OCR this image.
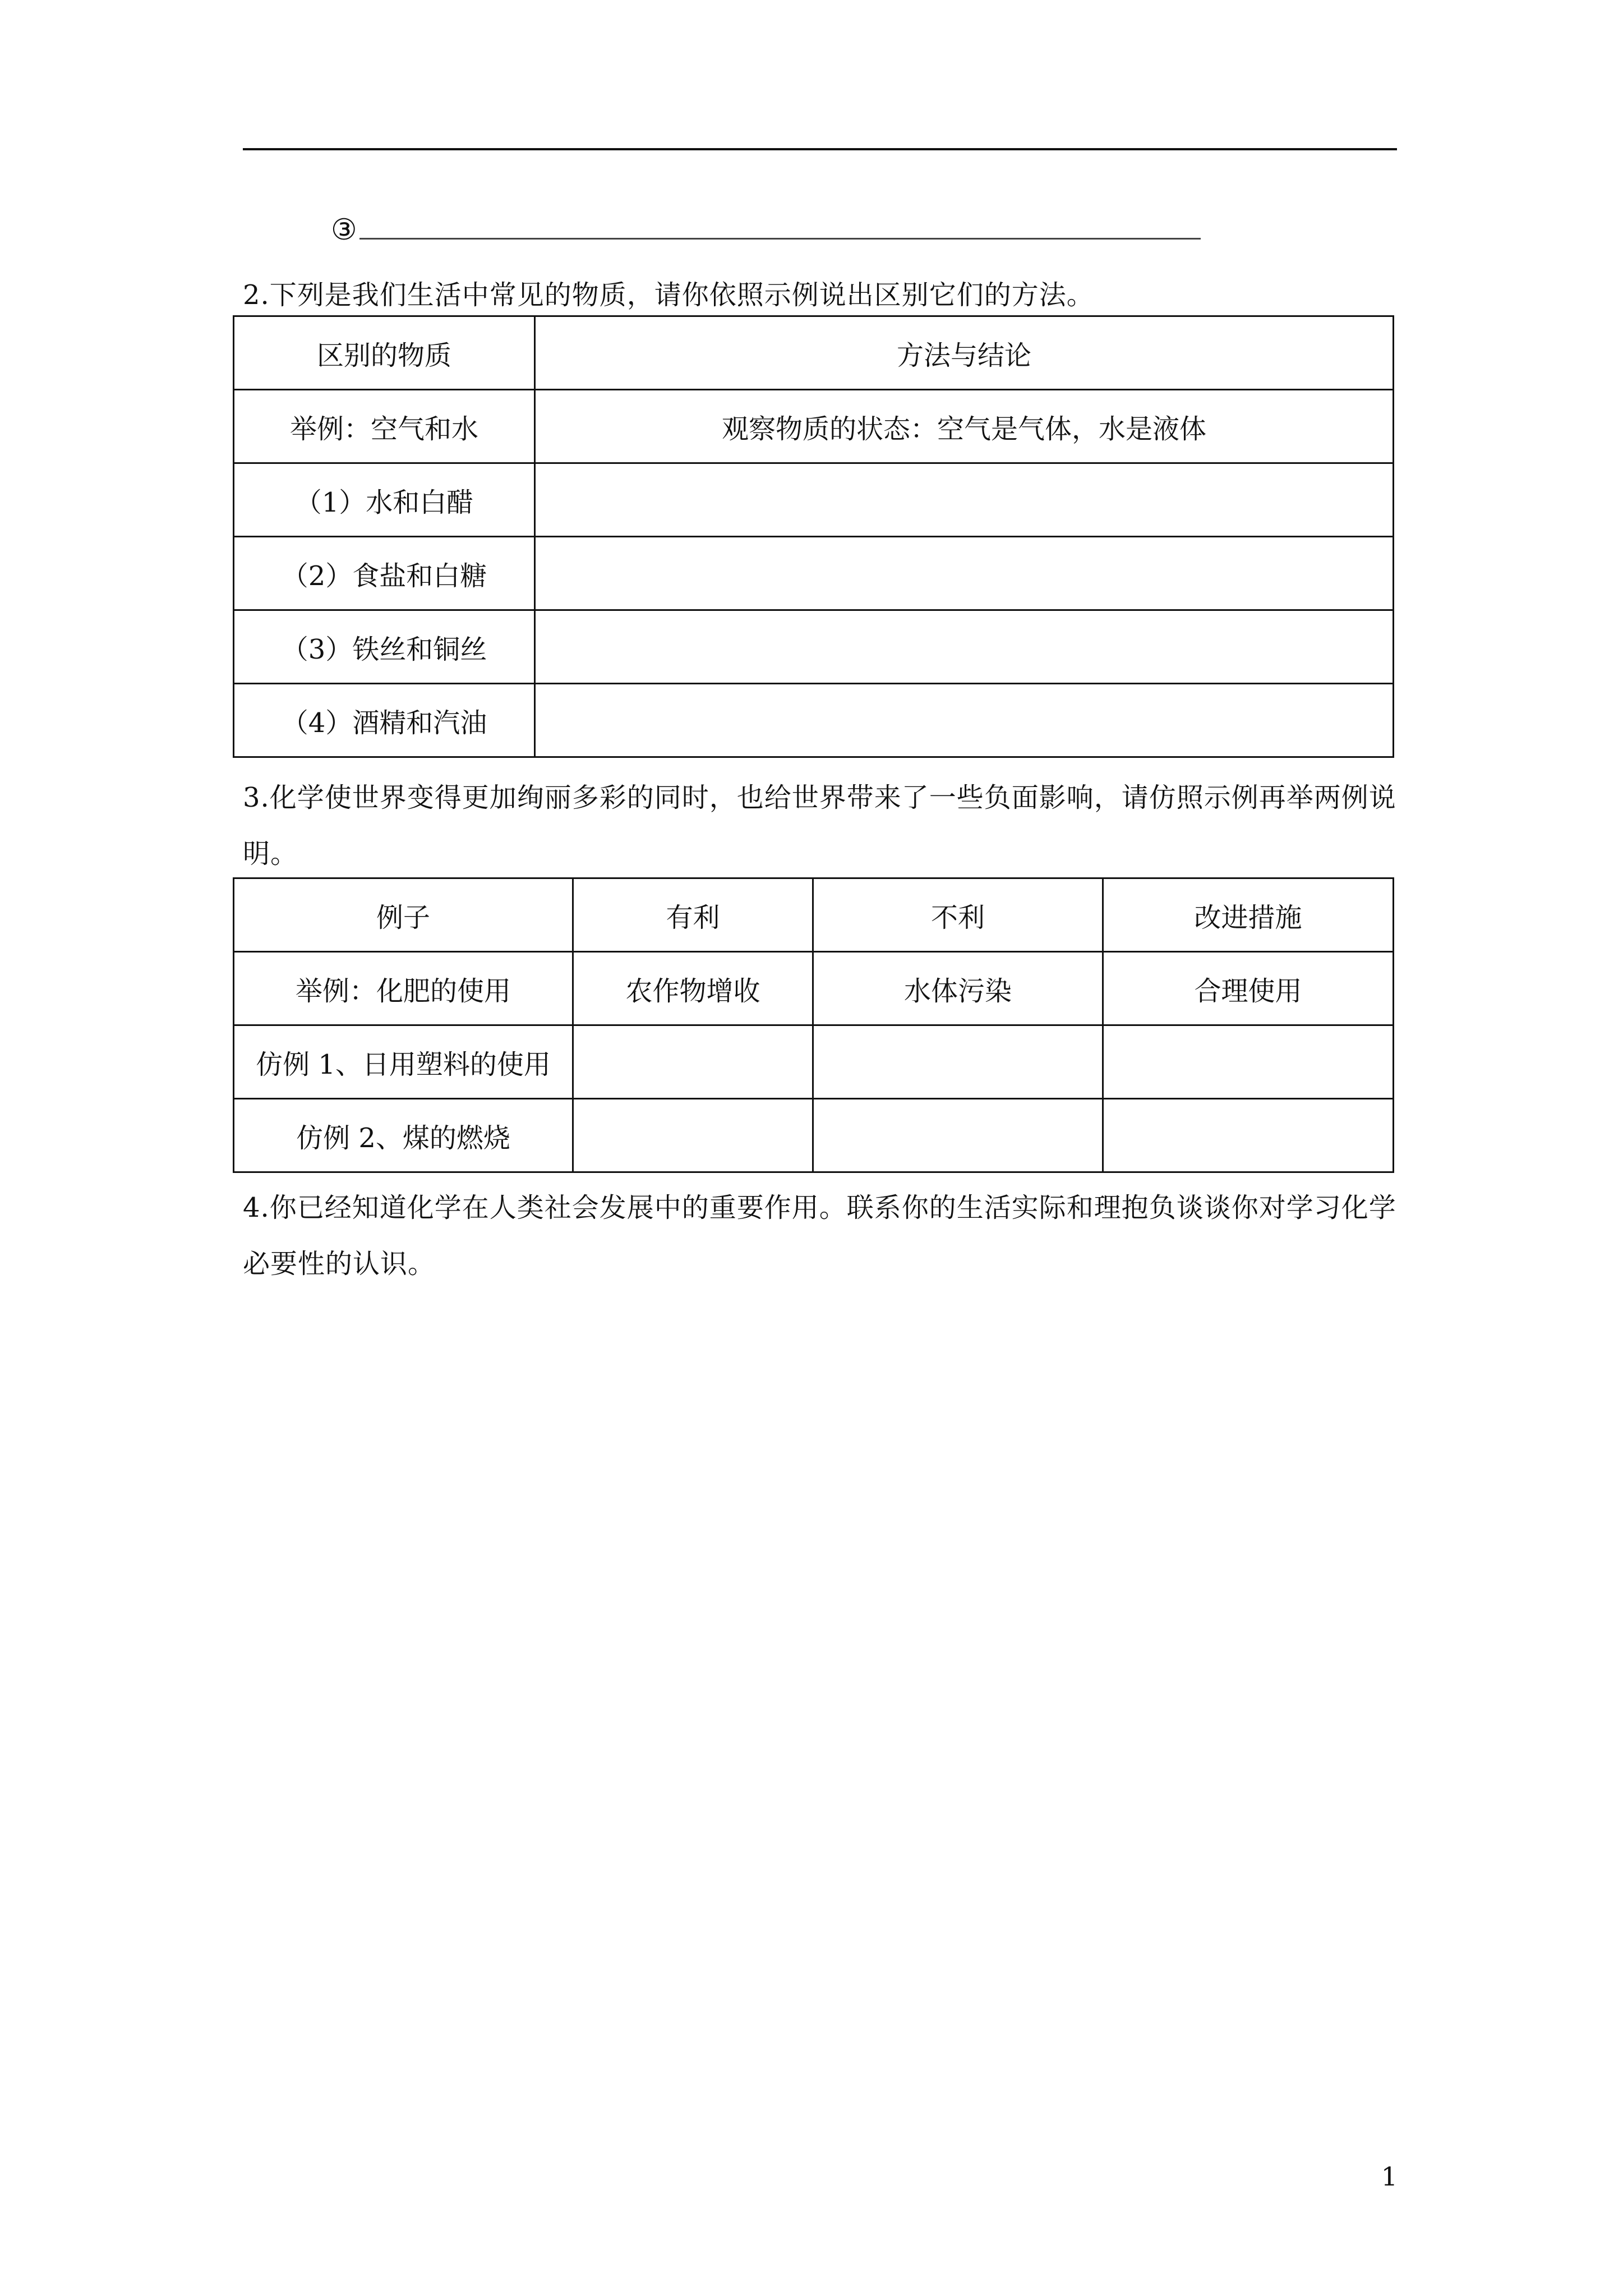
③
2.下列是我们生活中常见的物质，请你依照示例说出区别它们的方法。
区别的物质	方法与结论
举例：空气和水	观察物质的状态：空气是气体，水是液体
（1）水和白醋	
（2）食盐和白糖	
（3）铁丝和铜丝	
（4）酒精和汽油	
3.化学使世界变得更加绚丽多彩的同时，也给世界带来了一些负面影响，请仿照示例再举两例说明。
例子	有利	不利	改进措施
举例：化肥的使用	农作物增收	水体污染	合理使用
仿例 1、日用塑料的使用			
仿例 2、煤的燃烧			
4.你已经知道化学在人类社会发展中的重要作用。联系你的生活实际和理抱负谈谈你对学习化学必要性的认识。
1
